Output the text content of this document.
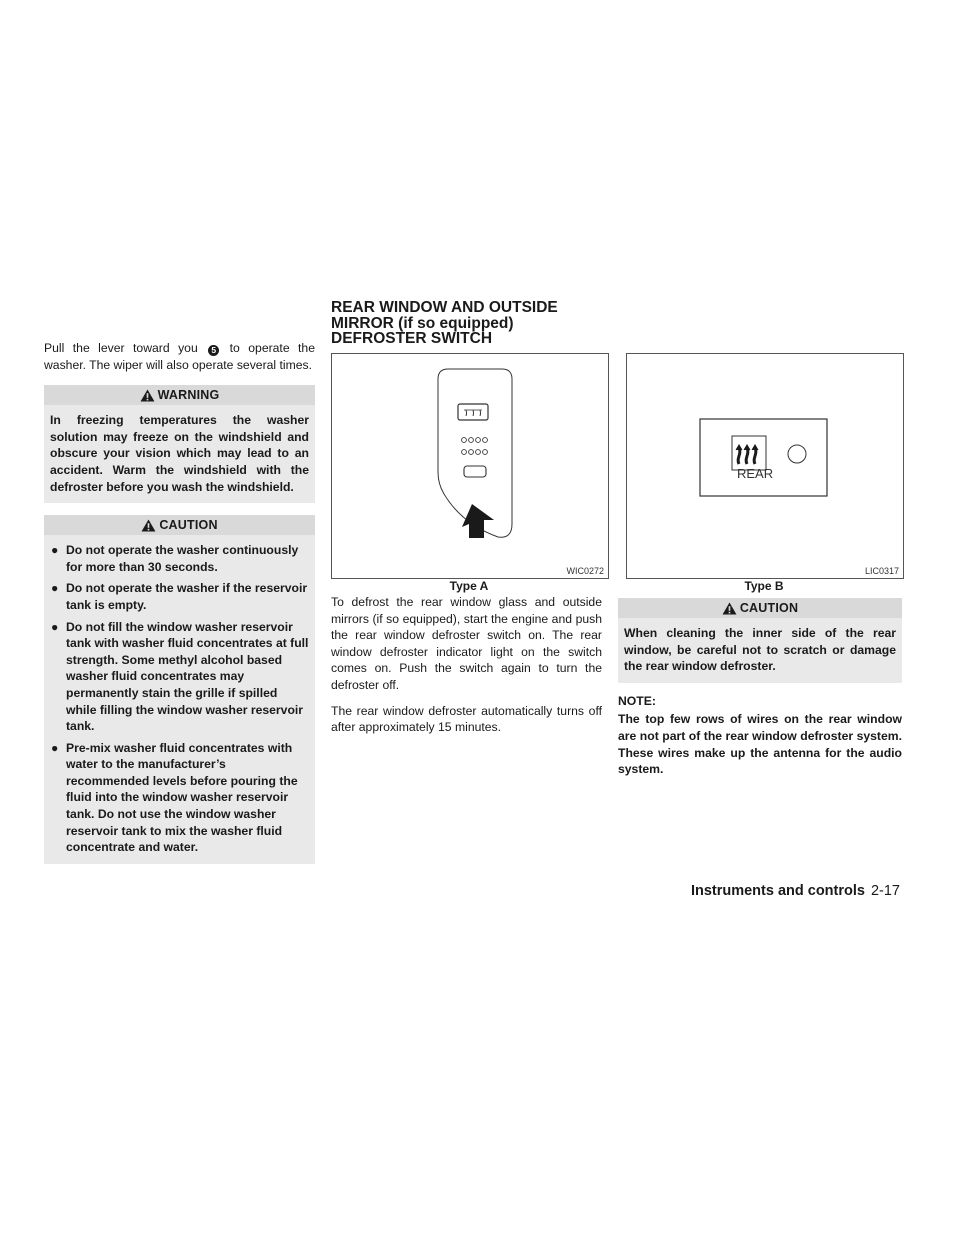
Pull the lever toward you 5 to operate the washer. The wiper will also operate several times.

WARNING
In freezing temperatures the washer solution may freeze on the windshield and obscure your vision which may lead to an accident. Warm the windshield with the defroster before you wash the windshield.
CAUTION
● Do not operate the washer continuously for more than 30 seconds.
● Do not operate the washer if the reservoir tank is empty.
● Do not fill the window washer reservoir tank with washer fluid concentrates at full strength. Some methyl alcohol based washer fluid concentrates may permanently stain the grille if spilled while filling the window washer reservoir tank.
● Pre-mix washer fluid concentrates with water to the manufacturer’s recommended levels before pouring the fluid into the window washer reservoir tank. Do not use the window washer reservoir tank to mix the washer fluid concentrate and water.
REAR WINDOW AND OUTSIDE
MIRROR (if so equipped)
DEFROSTER SWITCH
WIC0272
Type A
REAR
LIC0317
Type B

To defrost the rear window glass and outside mirrors (if so equipped), start the engine and push the rear window defroster switch on. The rear window defroster indicator light on the switch comes on. Push the switch again to turn the defroster off.

The rear window defroster automatically turns off after approximately 15 minutes.

CAUTION
When cleaning the inner side of the rear window, be careful not to scratch or damage the rear window defroster.

NOTE:

The top few rows of wires on the rear window are not part of the rear window defroster system. These wires make up the antenna for the audio system.

Instruments and controls 2-17
